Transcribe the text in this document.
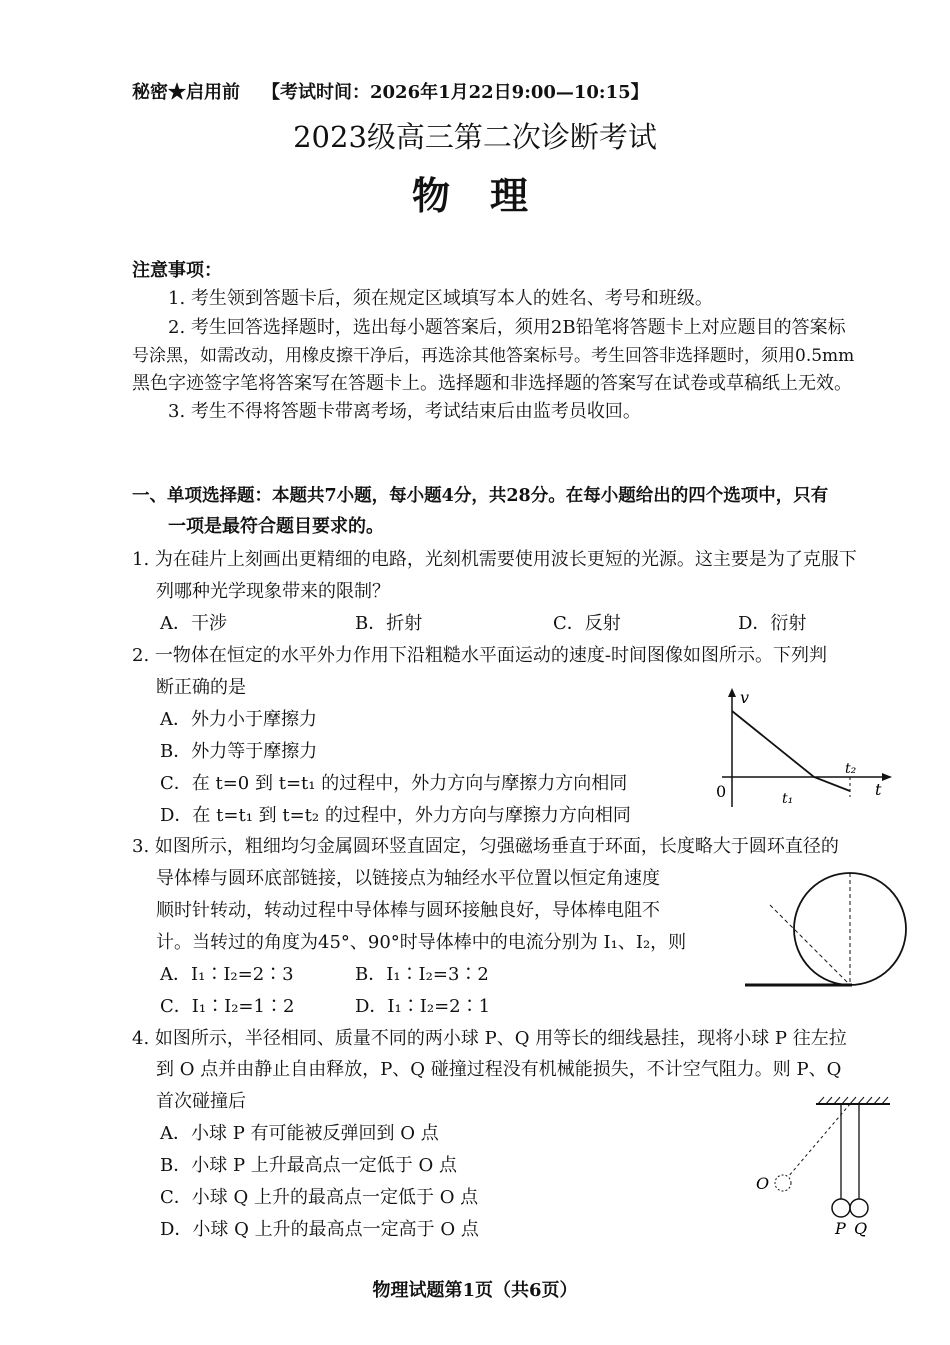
秘密★启用前 【考试时间：2026年1月22日9:00—10:15】
2023级高三第二次诊断考试
物理
注意事项：
1. 考生领到答题卡后，须在规定区域填写本人的姓名、考号和班级。
2. 考生回答选择题时，选出每小题答案后，须用2B铅笔将答题卡上对应题目的答案标
号涂黑，如需改动，用橡皮擦干净后，再选涂其他答案标号。考生回答非选择题时，须用0.5mm
黑色字迹签字笔将答案写在答题卡上。选择题和非选择题的答案写在试卷或草稿纸上无效。
3. 考生不得将答题卡带离考场，考试结束后由监考员收回。
一、单项选择题：本题共7小题，每小题4分，共28分。在每小题给出的四个选项中，只有
一项是最符合题目要求的。
1. 为在硅片上刻画出更精细的电路，光刻机需要使用波长更短的光源。这主要是为了克服下
列哪种光学现象带来的限制？
A．干涉	B．折射	C．反射	D．衍射
2. 一物体在恒定的水平外力作用下沿粗糙水平面运动的速度-时间图像如图所示。下列判
断正确的是
A．外力小于摩擦力
B．外力等于摩擦力
C．在 t=0 到 t=t₁ 的过程中，外力方向与摩擦力方向相同
D．在 t=t₁ 到 t=t₂ 的过程中，外力方向与摩擦力方向相同
v
t
t₁
t₂
0
3. 如图所示，粗细均匀金属圆环竖直固定，匀强磁场垂直于环面，长度略大于圆环直径的
导体棒与圆环底部链接，以链接点为轴经水平位置以恒定角速度
顺时针转动，转动过程中导体棒与圆环接触良好，导体棒电阻不
计。当转过的角度为45°、90°时导体棒中的电流分别为 I₁、I₂，则
A．I₁∶I₂=2∶3	B．I₁∶I₂=3∶2
C．I₁∶I₂=1∶2	D．I₁∶I₂=2∶1
4. 如图所示，半径相同、质量不同的两小球 P、Q 用等长的细线悬挂，现将小球 P 往左拉
到 O 点并由静止自由释放，P、Q 碰撞过程没有机械能损失，不计空气阻力。则 P、Q
首次碰撞后
A．小球 P 有可能被反弹回到 O 点
B．小球 P 上升最高点一定低于 O 点
C．小球 Q 上升的最高点一定低于 O 点
D．小球 Q 上升的最高点一定高于 O 点
O
P Q
物理试题第1页（共6页）
